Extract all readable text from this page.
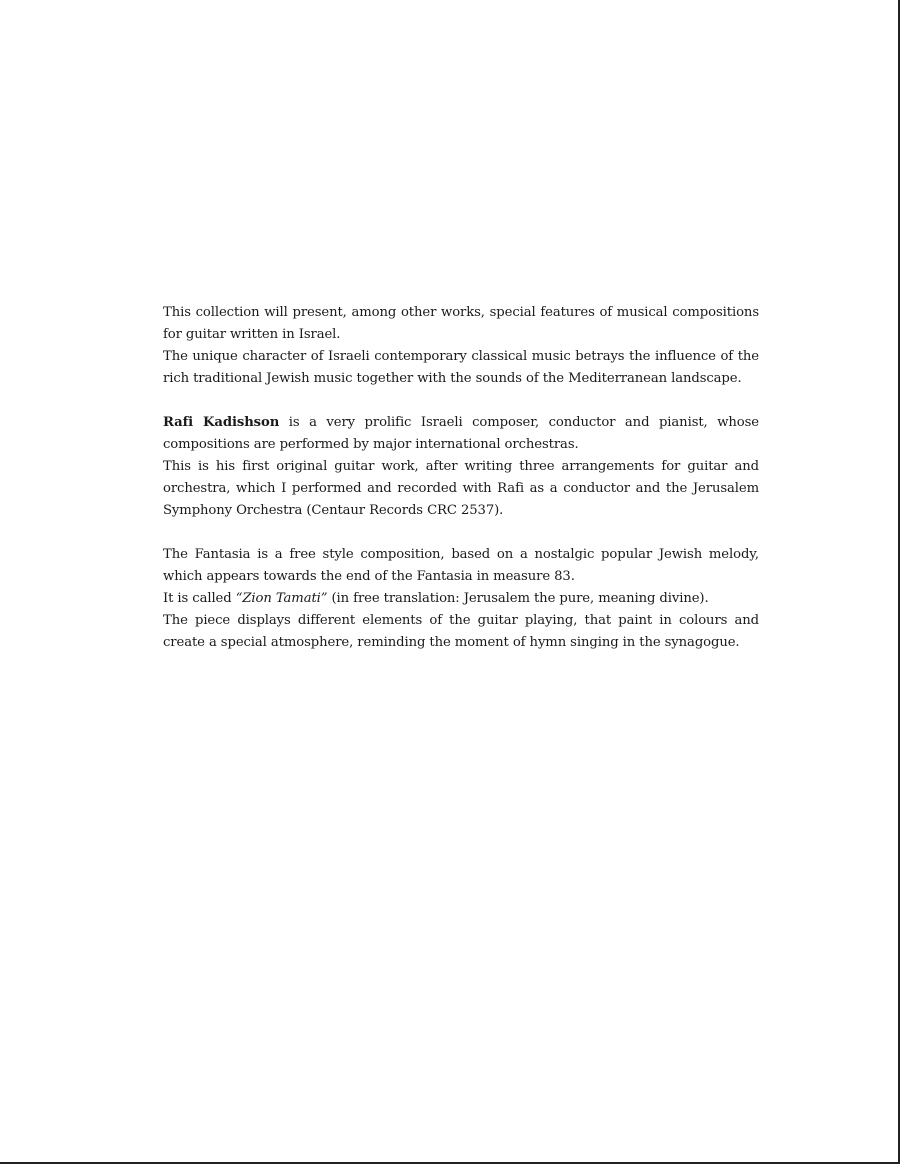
This collection will present, among other works, special features of musical compositions for guitar written in Israel.

The unique character of Israeli contemporary classical music betrays the influence of the rich traditional Jewish music together with the sounds of the Mediterranean landscape.

Rafi Kadishson is a very prolific Israeli composer, conductor and pianist, whose compositions are performed by major international orchestras.

This is his first original guitar work, after writing three arrangements for guitar and orchestra, which I performed and recorded with Rafi as a conductor and the Jerusalem Symphony Orchestra (Centaur Records CRC 2537).

The Fantasia is a free style composition, based on a nostalgic popular Jewish melody, which appears towards the end of the Fantasia in measure 83.

It is called “Zion Tamati” (in free translation: Jerusalem the pure, meaning divine).

The piece displays different elements of the guitar playing, that paint in colours and create a special atmosphere, reminding the moment of hymn singing in the synagogue.
